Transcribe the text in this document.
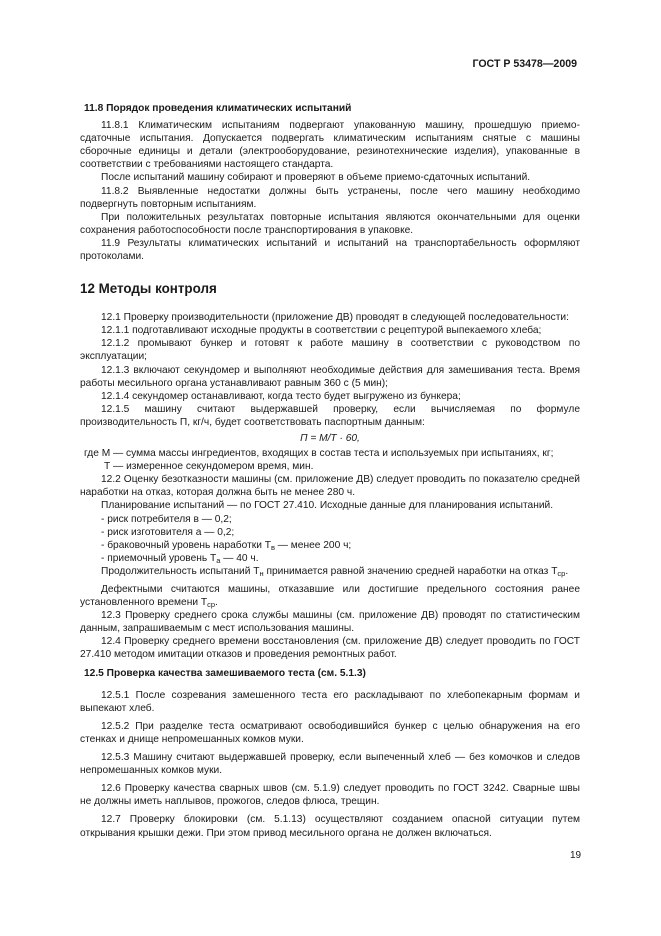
ГОСТ Р 53478—2009

11.8 Порядок проведения климатических испытаний

11.8.1 Климатическим испытаниям подвергают упакованную машину, прошедшую приемо-сдаточные испытания. Допускается подвергать климатическим испытаниям снятые с машины сборочные единицы и детали (электрооборудование, резинотехнические изделия), упакованные в соответствии с требованиями настоящего стандарта.

После испытаний машину собирают и проверяют в объеме приемо-сдаточных испытаний.

11.8.2 Выявленные недостатки должны быть устранены, после чего машину необходимо подвергнуть повторным испытаниям.

При положительных результатах повторные испытания являются окончательными для оценки сохранения работоспособности после транспортирования в упаковке.

11.9 Результаты климатических испытаний и испытаний на транспортабельность оформляют протоколами.

12 Методы контроля

12.1 Проверку производительности (приложение ДВ) проводят в следующей последовательности:

12.1.1 подготавливают исходные продукты в соответствии с рецептурой выпекаемого хлеба;

12.1.2 промывают бункер и готовят к работе машину в соответствии с руководством по эксплуатации;

12.1.3 включают секундомер и выполняют необходимые действия для замешивания теста. Время работы месильного органа устанавливают равным 360 с (5 мин);

12.1.4 секундомер останавливают, когда тесто будет выгружено из бункера;

12.1.5 машину считают выдержавшей проверку, если вычисляемая по формуле производительность П, кг/ч, будет соответствовать паспортным данным:

П = М/Т · 60,

где М — сумма массы ингредиентов, входящих в состав теста и используемых при испытаниях, кг;

Т — измеренное секундомером время, мин.

12.2 Оценку безотказности машины (см. приложение ДВ) следует проводить по показателю средней наработки на отказ, которая должна быть не менее 280 ч.

Планирование испытаний — по ГОСТ 27.410. Исходные данные для планирования испытаний.

- риск потребителя в — 0,2;

- риск изготовителя а — 0,2;

- браковочный уровень наработки $Т_в$ — менее 200 ч;

- приемочный уровень $Т_а$ — 40 ч.

Продолжительность испытаний $Т_н$ принимается равной значению средней наработки на отказ $Т_{ср}$.

Дефектными считаются машины, отказавшие или достигшие предельного состояния ранее установленного времени $Т_{ср}$.

12.3 Проверку среднего срока службы машины (см. приложение ДВ) проводят по статистическим данным, запрашиваемым с мест использования машины.

12.4 Проверку среднего времени восстановления (см. приложение ДВ) следует проводить по ГОСТ 27.410 методом имитации отказов и проведения ремонтных работ.

12.5 Проверка качества замешиваемого теста (см. 5.1.3)

12.5.1 После созревания замешенного теста его раскладывают по хлебопекарным формам и выпекают хлеб.

12.5.2 При разделке теста осматривают освободившийся бункер с целью обнаружения на его стенках и днище непромешанных комков муки.

12.5.3 Машину считают выдержавшей проверку, если выпеченный хлеб — без комочков и следов непромешанных комков муки.

12.6 Проверку качества сварных швов (см. 5.1.9) следует проводить по ГОСТ 3242. Сварные швы не должны иметь наплывов, прожогов, следов флюса, трещин.

12.7 Проверку блокировки (см. 5.1.13) осуществляют созданием опасной ситуации путем открывания крышки дежи. При этом привод месильного органа не должен включаться.

19
